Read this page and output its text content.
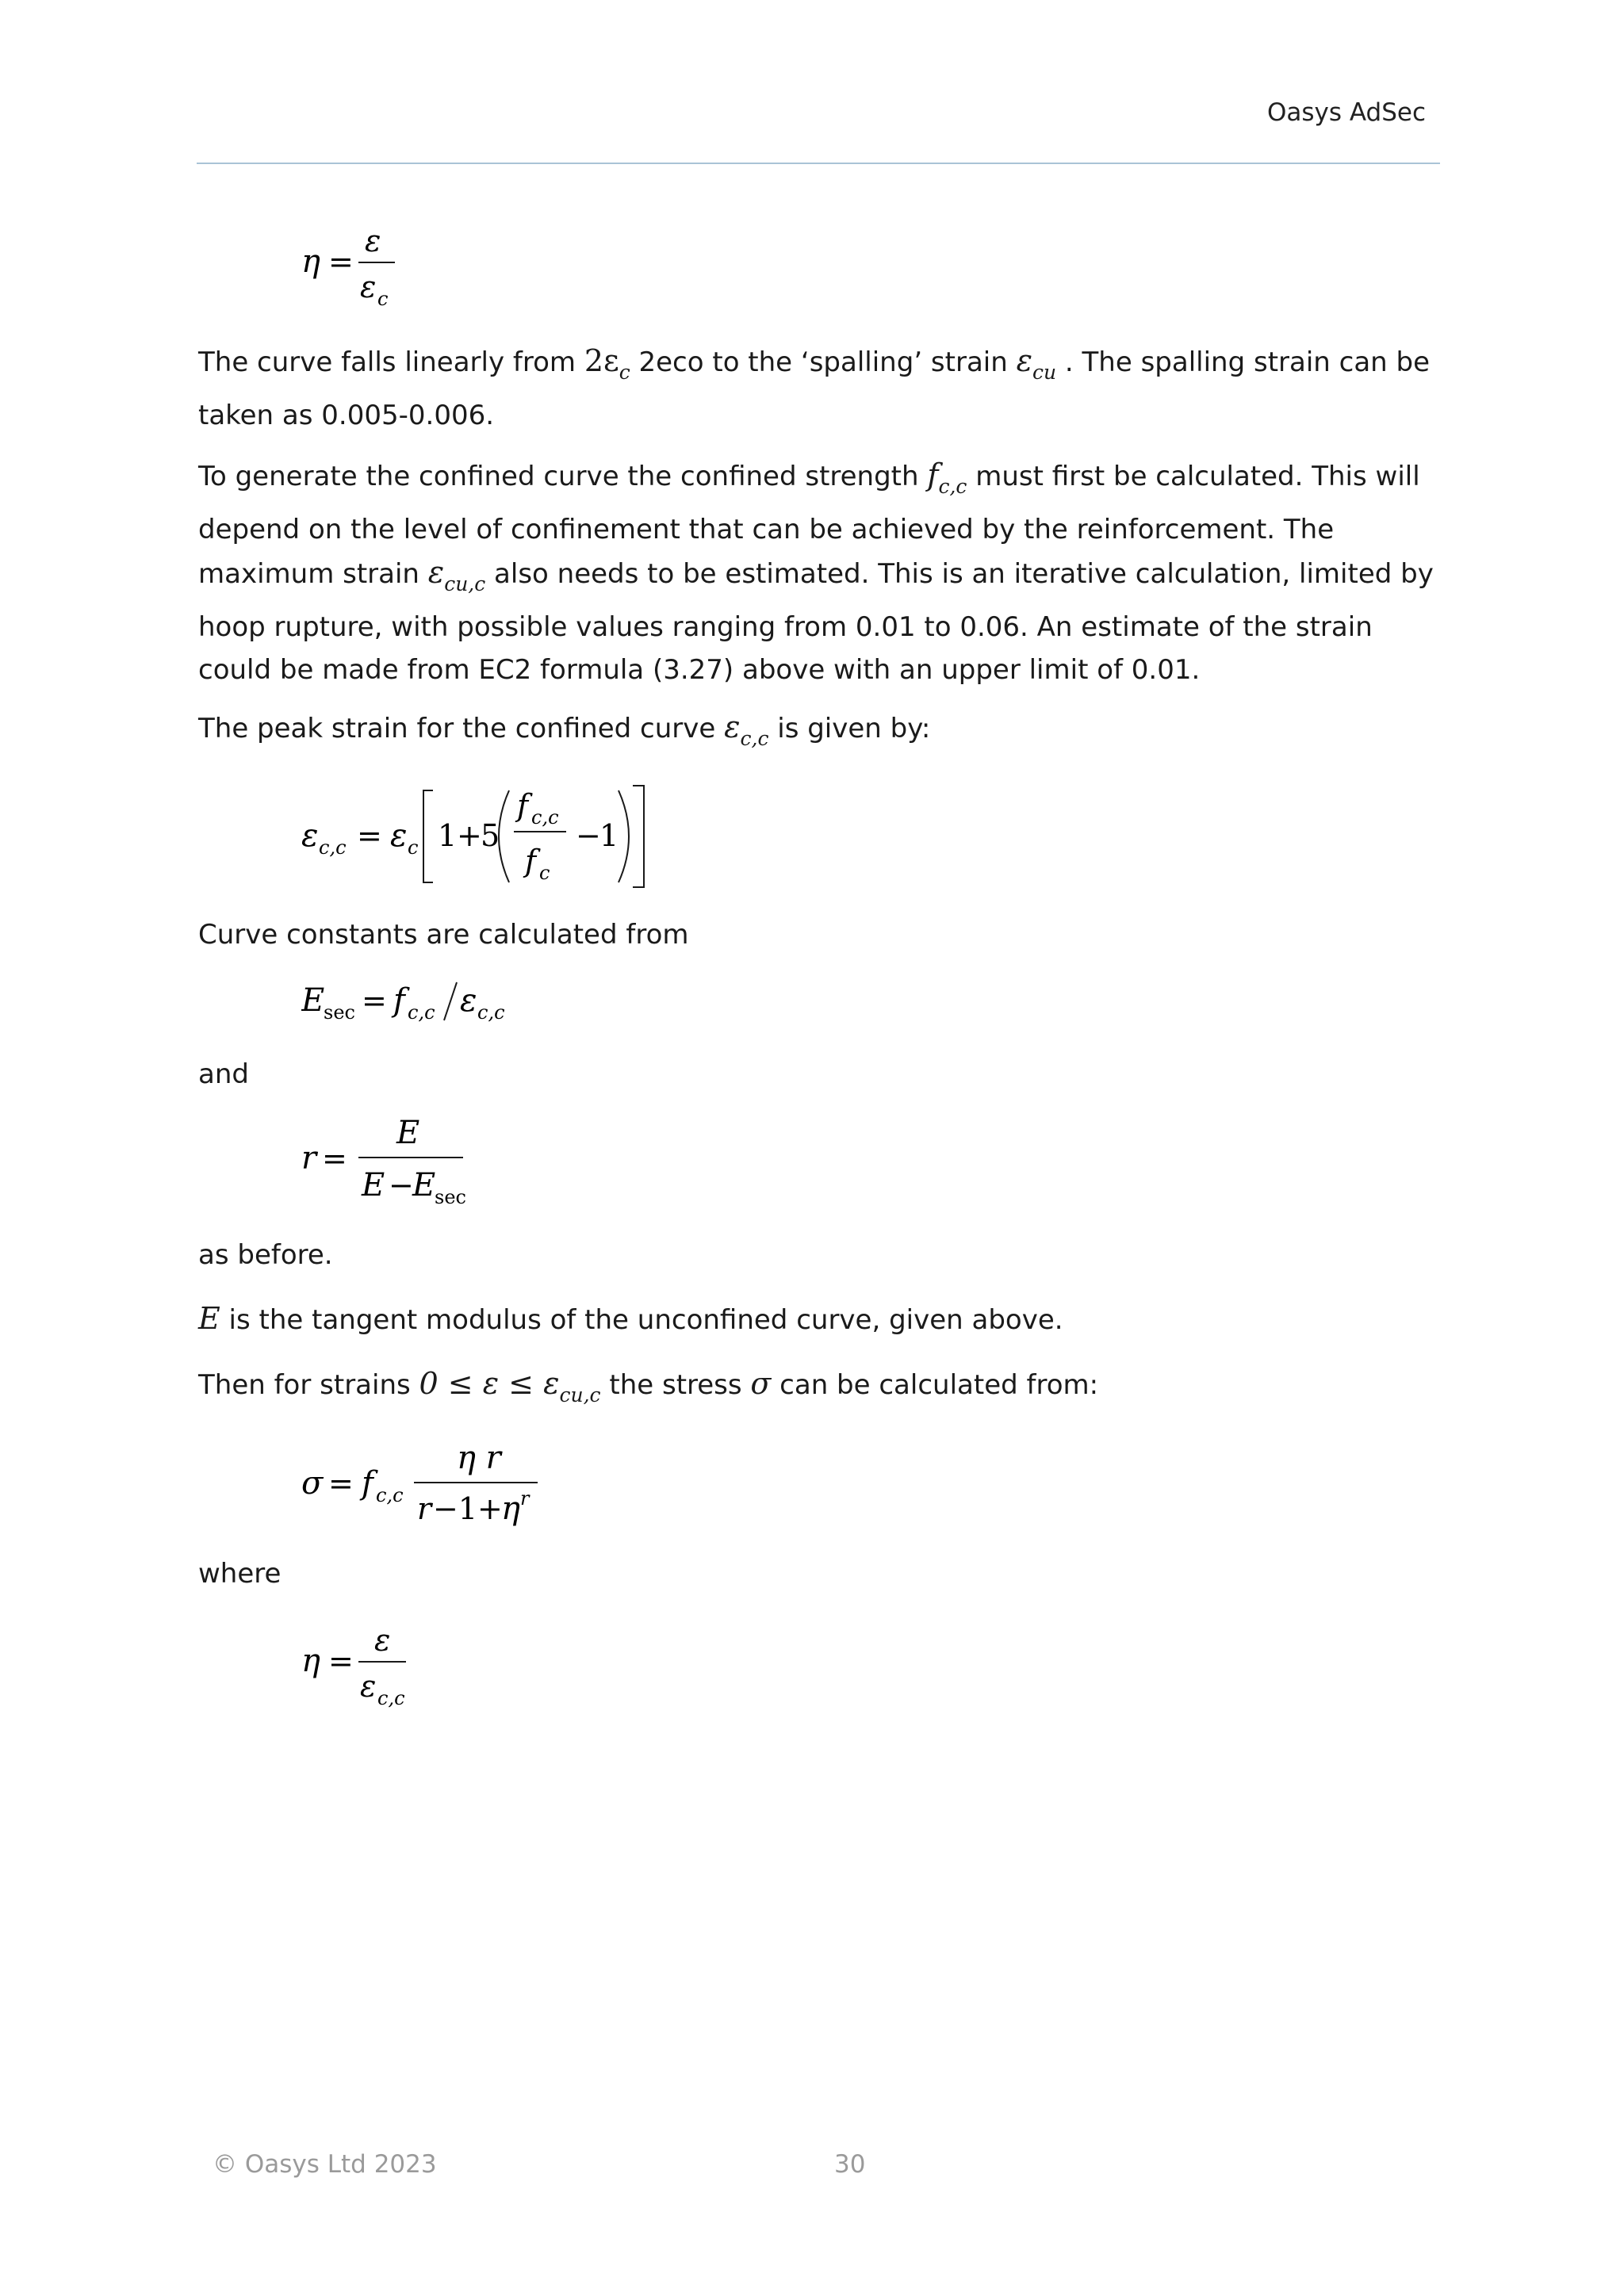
Oasys AdSec
η =
ε
ε c
The curve falls linearly from $2\varepsilon_c$ 2eco to the ‘spalling’ strain $\varepsilon_{cu}$ . The spalling strain can be taken as 0.005-0.006.
To generate the confined curve the confined strength $f_{c,c}$ must first be calculated. This will depend on the level of confinement that can be achieved by the reinforcement. The maximum strain $\varepsilon_{cu,c}$ also needs to be estimated. This is an iterative calculation, limited by hoop rupture, with possible values ranging from 0.01 to 0.06. An estimate of the strain could be made from EC2 formula (3.27) above with an upper limit of 0.01.
The peak strain for the confined curve $\varepsilon_{c,c}$ is given by:
ε c,c = ε c 1 +
5
f c,c
f c
−
1
Curve constants are calculated from
E
sec = f c,c ε c,c
and
r =
E
E −
E
sec
as before.
E is the tangent modulus of the unconfined curve, given above.
Then for strains $0 \le \varepsilon \le \varepsilon_{cu,c}$ the stress σ can be calculated from:
σ = f c,c
η r
r −1+
η r
where
η =
ε
ε c,c
© Oasys Ltd 2023	30
